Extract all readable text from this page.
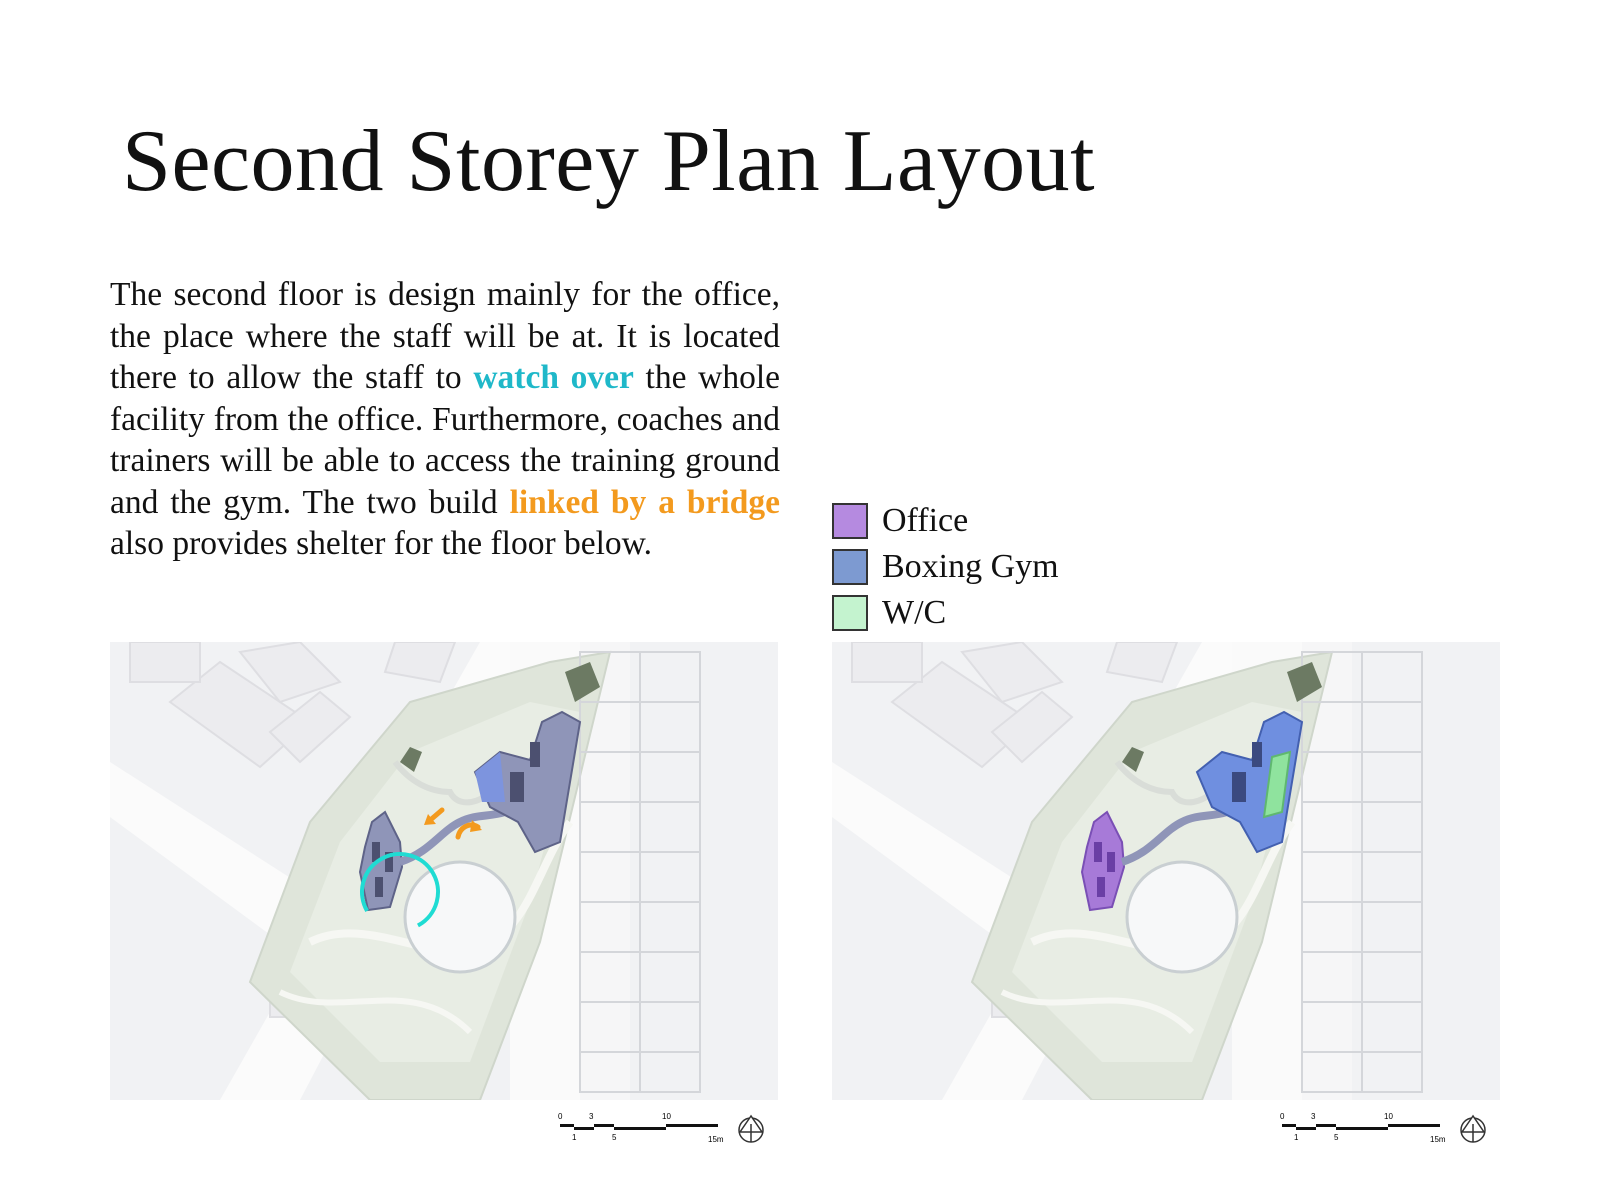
Second Storey Plan Layout

The second floor is design mainly for the office, the place where the staff will be at. It is located there to allow the staff to watch over the whole facility from the office. Furthermore, coaches and trainers will be able to access the training ground and the gym. The two build linked by a bridge also provides shelter for the floor below.

Office
Boxing Gym
W/C
0	3	10
1	5	15m
0	3	10
1	5	15m
